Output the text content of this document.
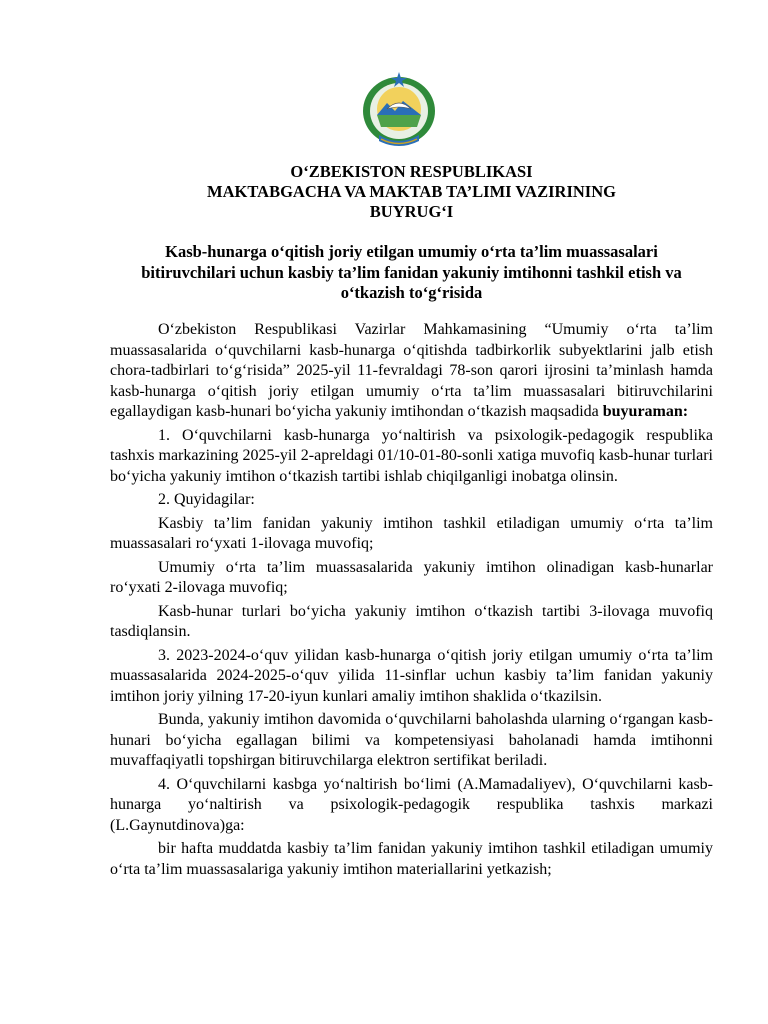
O‘ZBEKISTON RESPUBLIKASI
MAKTABGACHA VA MAKTAB TA’LIMI VAZIRINING
BUYRUG‘I
Kasb-hunarga o‘qitish joriy etilgan umumiy o‘rta ta’lim muassasalari
bitiruvchilari uchun kasbiy ta’lim fanidan yakuniy imtihonni tashkil etish va
o‘tkazish to‘g‘risida

O‘zbekiston Respublikasi Vazirlar Mahkamasining “Umumiy o‘rta ta’lim muassasalarida o‘quvchilarni kasb-hunarga o‘qitishda tadbirkorlik subyektlarini jalb etish chora-tadbirlari to‘g‘risida” 2025-yil 11-fevraldagi 78-son qarori ijrosini ta’minlash hamda kasb-hunarga o‘qitish joriy etilgan umumiy o‘rta ta’lim muassasalari bitiruvchilarini egallaydigan kasb-hunari bo‘yicha yakuniy imtihondan o‘tkazish maqsadida buyuraman:

1. O‘quvchilarni kasb-hunarga yo‘naltirish va psixologik-pedagogik respublika tashxis markazining 2025-yil 2-apreldagi 01/10-01-80-sonli xatiga muvofiq kasb-hunar turlari bo‘yicha yakuniy imtihon o‘tkazish tartibi ishlab chiqilganligi inobatga olinsin.

2. Quyidagilar:

Kasbiy ta’lim fanidan yakuniy imtihon tashkil etiladigan umumiy o‘rta ta’lim muassasalari ro‘yxati 1-ilovaga muvofiq;

Umumiy o‘rta ta’lim muassasalarida yakuniy imtihon olinadigan kasb-hunarlar ro‘yxati 2-ilovaga muvofiq;

Kasb-hunar turlari bo‘yicha yakuniy imtihon o‘tkazish tartibi 3-ilovaga muvofiq tasdiqlansin.

3. 2023-2024-o‘quv yilidan kasb-hunarga o‘qitish joriy etilgan umumiy o‘rta ta’lim muassasalarida 2024-2025-o‘quv yilida 11-sinflar uchun kasbiy ta’lim fanidan yakuniy imtihon joriy yilning 17-20-iyun kunlari amaliy imtihon shaklida o‘tkazilsin.

Bunda, yakuniy imtihon davomida o‘quvchilarni baholashda ularning o‘rgangan kasb-hunari bo‘yicha egallagan bilimi va kompetensiyasi baholanadi hamda imtihonni muvaffaqiyatli topshirgan bitiruvchilarga elektron sertifikat beriladi.

4. O‘quvchilarni kasbga yo‘naltirish bo‘limi (A.Mamadaliyev), O‘quvchilarni kasb-hunarga yo‘naltirish va psixologik-pedagogik respublika tashxis markazi (L.Gaynutdinova)ga:

bir hafta muddatda kasbiy ta’lim fanidan yakuniy imtihon tashkil etiladigan umumiy o‘rta ta’lim muassasalariga yakuniy imtihon materiallarini yetkazish;
